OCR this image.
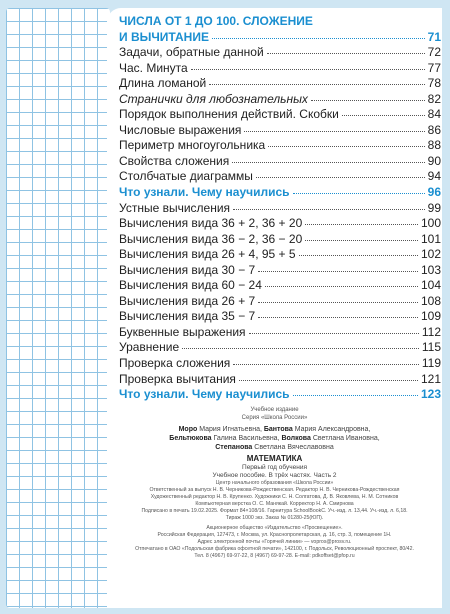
ЧИСЛА ОТ 1 ДО 100. СЛОЖЕНИЕ
И ВЫЧИТАНИЕ	71
Задачи, обратные данной	72
Час. Минута	77
Длина ломаной	78
Странички для любознательных	82
Порядок выполнения действий. Скобки	84
Числовые выражения	86
Периметр многоугольника	88
Свойства сложения	90
Столбчатые диаграммы	94
Что узнали. Чему научились	96
Устные вычисления	99
Вычисления вида 36 + 2, 36 + 20	100
Вычисления вида 36 − 2, 36 − 20	101
Вычисления вида 26 + 4, 95 + 5	102
Вычисления вида 30 − 7	103
Вычисления вида 60 − 24	104
Вычисления вида 26 + 7	108
Вычисления вида 35 − 7	109
Буквенные выражения	112
Уравнение	115
Проверка сложения	119
Проверка вычитания	121
Что узнали. Чему научились	123
Учебное издание
Серия «Школа России»
Моро Мария Игнатьевна, Бантова Мария Александровна,
Бельтюкова Галина Васильевна, Волкова Светлана Ивановна,
Степанова Светлана Вячеславовна
МАТЕМАТИКА
Первый год обучения
Учебное пособие. В трёх частях. Часть 2
Центр начального образования «Школа России»
Ответственный за выпуск Н. В. Черникова-Рождественская. Редактор Н. В. Черникова-Рождественская
Художественный редактор Н. В. Крупенко. Художники С. Н. Солгатова, Д. В. Яковлева, Н. М. Сотников
Компьютерная верстка О. С. Манякай. Корректор Н. А. Смирнова
Подписано в печать 19.02.2025. Формат 84×108/16. Гарнитура SchoolBookC. Уч.-изд. л. 13,44. Уч.-изд. л. 6,18.
Тираж 1000 экз. Заказ № 01280-25(ЮП).
Акционерное общество «Издательство «Просвещение».
Российская Федерация, 127473, г. Москва, ул. Краснопролетарская, д. 16, стр. 3, помещение 1Н.
Адрес электронной почты «Горячей линии» — vopros@prosv.ru.
Отпечатано в ОАО «Подольская фабрика офсетной печати», 142100, г. Подольск, Революционный проспект, 80/42.
Тел. 8 (4967) 69-97-22, 8 (4967) 69-97-28. E-mail: pdkoffset@pfop.ru
